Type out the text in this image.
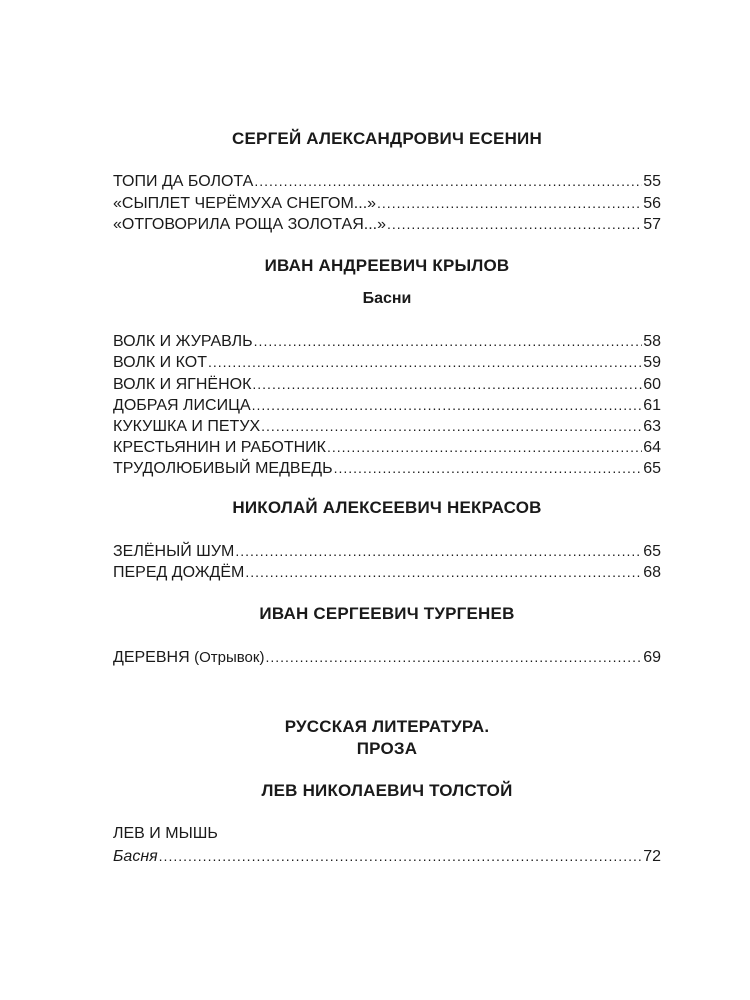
СЕРГЕЙ АЛЕКСАНДРОВИЧ ЕСЕНИН
ТОПИ ДА БОЛОТА .....	55
«СЫПЛЕТ ЧЕРЁМУХА СНЕГОМ...» .....	56
«ОТГОВОРИЛА РОЩА ЗОЛОТАЯ...» .....	57
ИВАН АНДРЕЕВИЧ КРЫЛОВ
Басни
ВОЛК И ЖУРАВЛЬ .....	58
ВОЛК И КОТ .....	59
ВОЛК И ЯГНЁНОК .....	60
ДОБРАЯ ЛИСИЦА .....	61
КУКУШКА И ПЕТУХ .....	63
КРЕСТЬЯНИН И РАБОТНИК .....	64
ТРУДОЛЮБИВЫЙ МЕДВЕДЬ .....	65
НИКОЛАЙ АЛЕКСЕЕВИЧ НЕКРАСОВ
ЗЕЛЁНЫЙ ШУМ .....	65
ПЕРЕД ДОЖДЁМ .....	68
ИВАН СЕРГЕЕВИЧ ТУРГЕНЕВ
ДЕРЕВНЯ (Отрывок) .....	69
РУССКАЯ ЛИТЕРАТУРА.
ПРОЗА
ЛЕВ НИКОЛАЕВИЧ ТОЛСТОЙ
ЛЕВ И МЫШЬ
Басня .....	72
